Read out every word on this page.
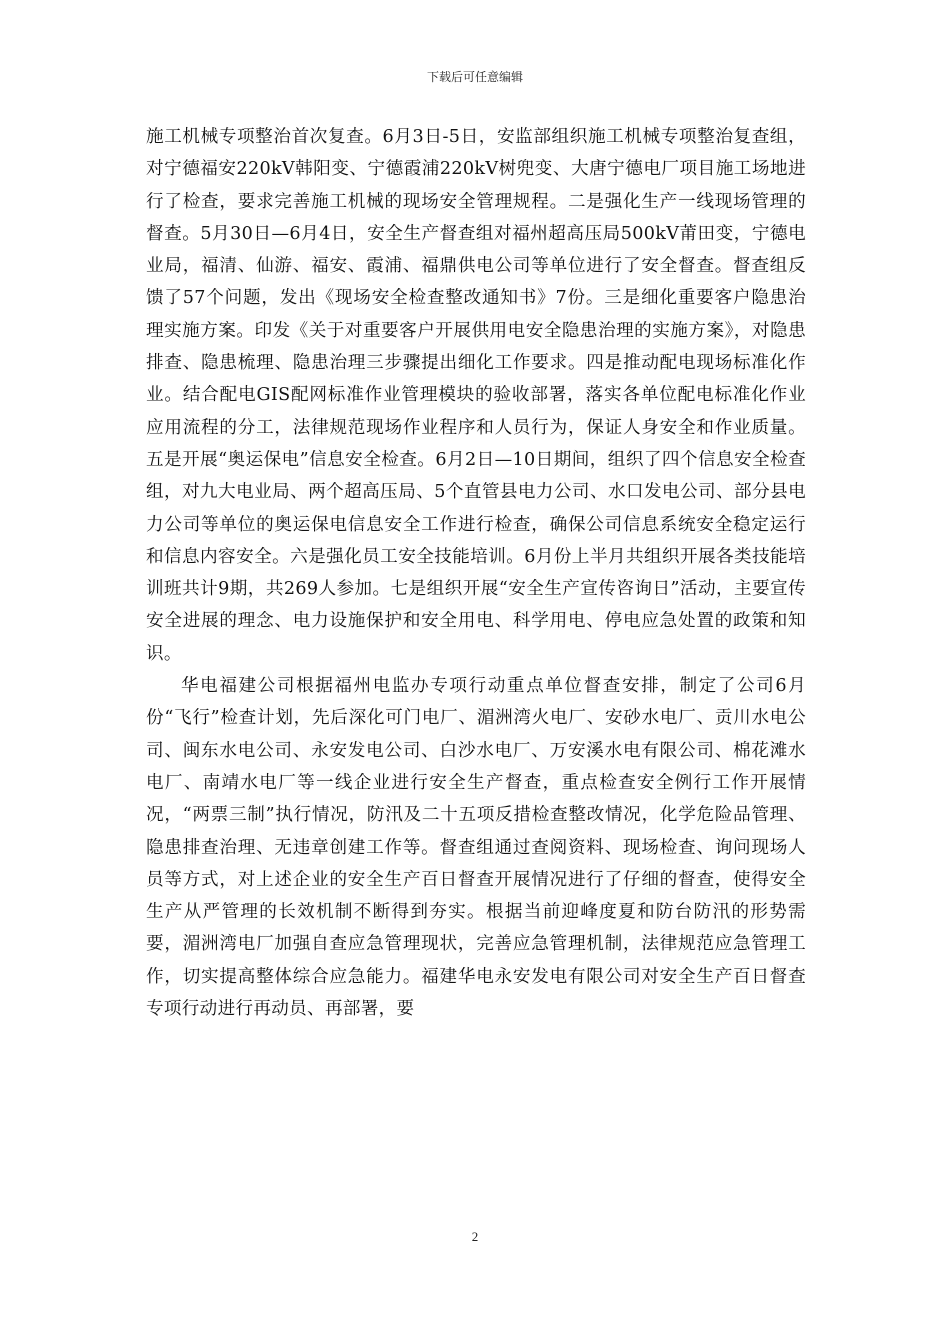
下载后可任意编辑

施工机械专项整治首次复查。6月3日-5日，安监部组织施工机械专项整治复查组，对宁德福安220kV韩阳变、宁德霞浦220kV树兜变、大唐宁德电厂项目施工场地进行了检查，要求完善施工机械的现场安全管理规程。二是强化生产一线现场管理的督查。5月30日—6月4日，安全生产督查组对福州超高压局500kV莆田变，宁德电业局，福清、仙游、福安、霞浦、福鼎供电公司等单位进行了安全督查。督查组反馈了57个问题，发出《现场安全检查整改通知书》7份。三是细化重要客户隐患治理实施方案。印发《关于对重要客户开展供用电安全隐患治理的实施方案》，对隐患排查、隐患梳理、隐患治理三步骤提出细化工作要求。四是推动配电现场标准化作业。结合配电GIS配网标准作业管理模块的验收部署，落实各单位配电标准化作业应用流程的分工，法律规范现场作业程序和人员行为，保证人身安全和作业质量。五是开展“奥运保电”信息安全检查。6月2日—10日期间，组织了四个信息安全检查组，对九大电业局、两个超高压局、5个直管县电力公司、水口发电公司、部分县电力公司等单位的奥运保电信息安全工作进行检查，确保公司信息系统安全稳定运行和信息内容安全。六是强化员工安全技能培训。6月份上半月共组织开展各类技能培训班共计9期，共269人参加。七是组织开展“安全生产宣传咨询日”活动，主要宣传安全进展的理念、电力设施保护和安全用电、科学用电、停电应急处置的政策和知识。

华电福建公司根据福州电监办专项行动重点单位督查安排，制定了公司6月份“飞行”检查计划，先后深化可门电厂、湄洲湾火电厂、安砂水电厂、贡川水电公司、闽东水电公司、永安发电公司、白沙水电厂、万安溪水电有限公司、棉花滩水电厂、南靖水电厂等一线企业进行安全生产督查，重点检查安全例行工作开展情况，“两票三制”执行情况，防汛及二十五项反措检查整改情况，化学危险品管理、隐患排查治理、无违章创建工作等。督查组通过查阅资料、现场检查、询问现场人员等方式，对上述企业的安全生产百日督查开展情况进行了仔细的督查，使得安全生产从严管理的长效机制不断得到夯实。根据当前迎峰度夏和防台防汛的形势需要，湄洲湾电厂加强自查应急管理现状，完善应急管理机制，法律规范应急管理工作，切实提高整体综合应急能力。福建华电永安发电有限公司对安全生产百日督查专项行动进行再动员、再部署，要

2
